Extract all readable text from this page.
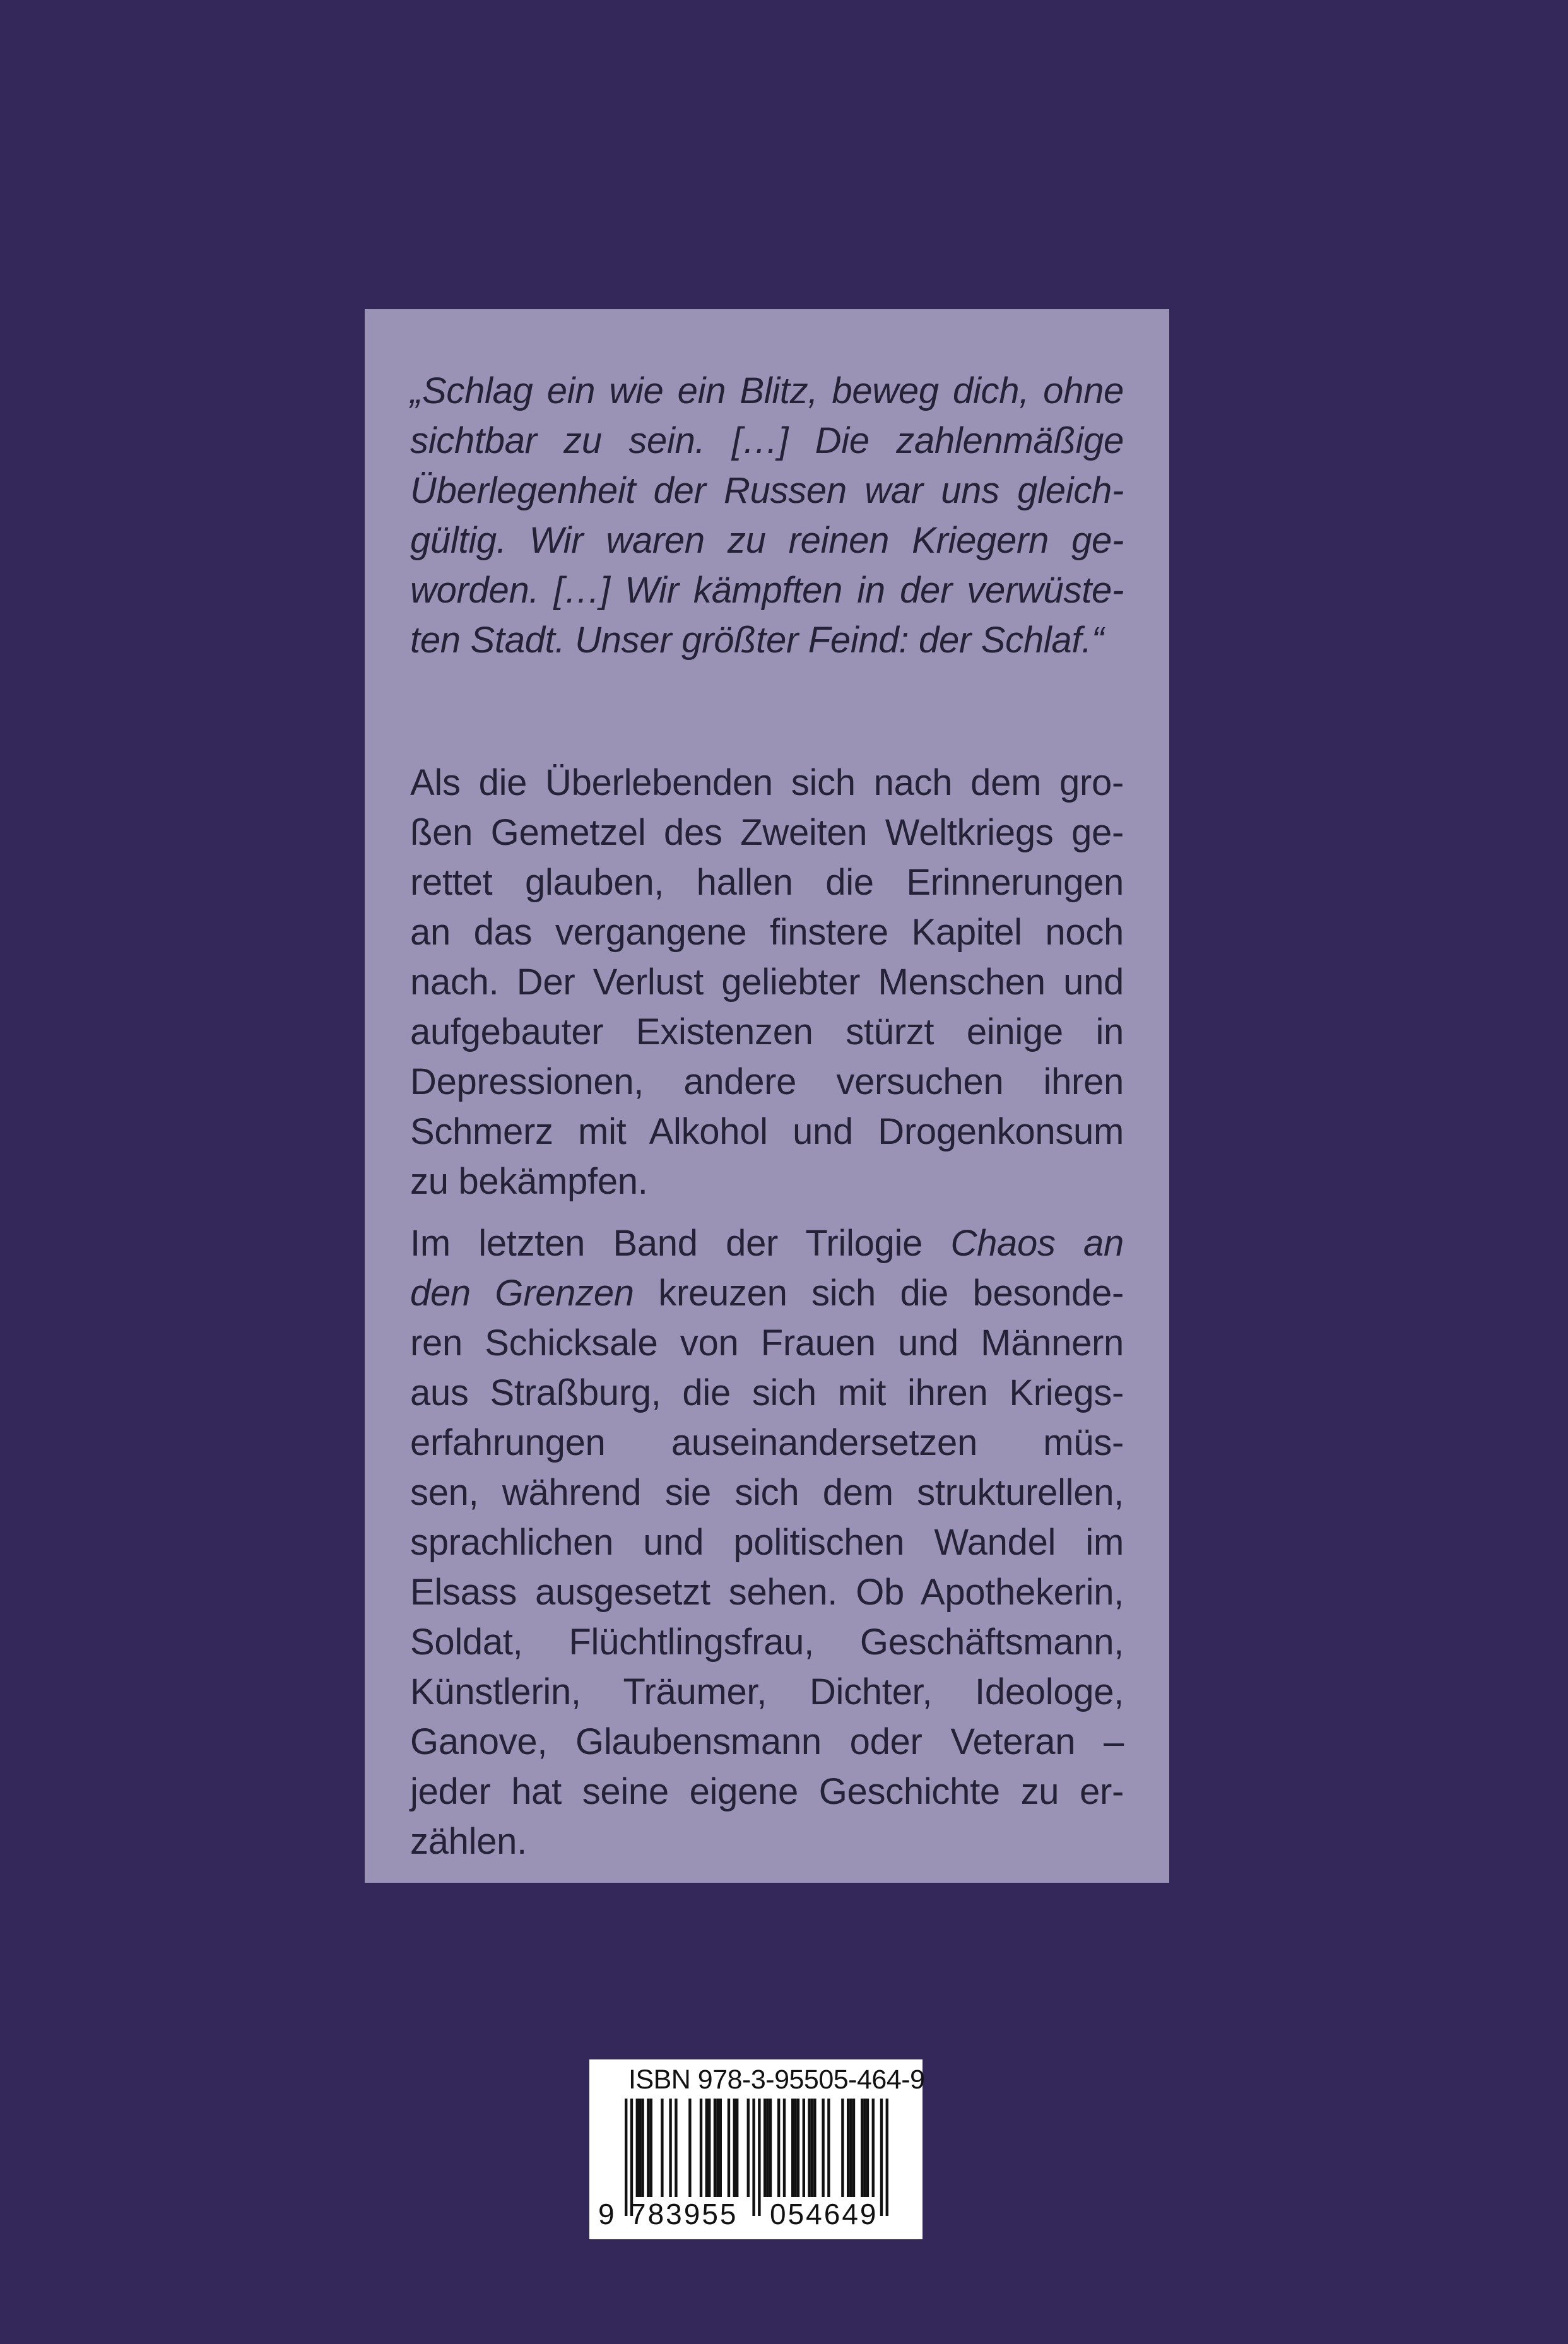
„Schlag ein wie ein Blitz, beweg dich, ohne
sichtbar zu sein. […] Die zahlenmäßige
Überlegenheit der Russen war uns gleich-
gültig. Wir waren zu reinen Kriegern ge-
worden. […] Wir kämpften in der verwüste-
ten Stadt. Unser größter Feind: der Schlaf.“
Als die Überlebenden sich nach dem gro-
ßen Gemetzel des Zweiten Weltkriegs ge-
rettet glauben, hallen die Erinnerungen
an das vergangene finstere Kapitel noch
nach. Der Verlust geliebter Menschen und
aufgebauter Existenzen stürzt einige in
Depressionen, andere versuchen ihren
Schmerz mit Alkohol und Drogenkonsum
zu bekämpfen.
Im letzten Band der Trilogie Chaos an
den Grenzen kreuzen sich die besonde-
ren Schicksale von Frauen und Männern
aus Straßburg, die sich mit ihren Kriegs-
erfahrungen auseinandersetzen müs-
sen, während sie sich dem strukturellen,
sprachlichen und politischen Wandel im
Elsass ausgesetzt sehen. Ob Apothekerin,
Soldat, Flüchtlingsfrau, Geschäftsmann,
Künstlerin, Träumer, Dichter, Ideologe,
Ganove, Glaubensmann oder Veteran –
jeder hat seine eigene Geschichte zu er-
zählen.
ISBN 978-3-95505-464-9
9 783955 054649
